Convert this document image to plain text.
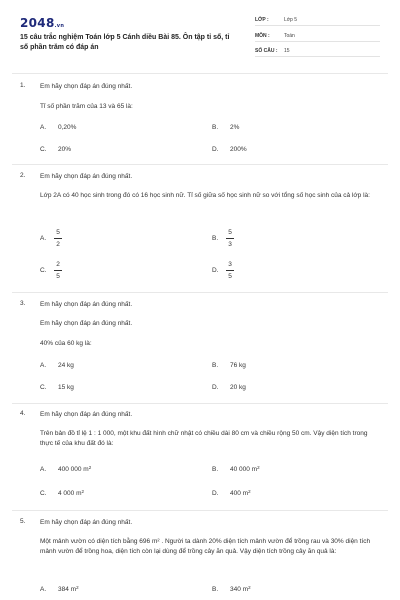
2048.vn
15 câu trắc nghiệm Toán lớp 5 Cánh diều Bài 85. Ôn tập tỉ số, tỉ số phần trăm có đáp án
LỚP :	Lớp 5
MÔN :	Toán
SỐ CÂU : 15
1. Em hãy chọn đáp án đúng nhất.
Tỉ số phần trăm của 13 và 65 là:
A. 0,20%	B. 2%
C. 20%	D. 200%
2. Em hãy chọn đáp án đúng nhất.
Lớp 2A có 40 học sinh trong đó có 16 học sinh nữ. Tỉ số giữa số học sinh nữ so với tổng số học sinh của cả lớp là:
A.
5
2
B.
5
3
C.
2
5
D.
3
5
3. Em hãy chọn đáp án đúng nhất.
Em hãy chọn đáp án đúng nhất.
40% của 60 kg là:
A. 24 kg	B. 76 kg
C. 15 kg	D. 20 kg
4. Em hãy chọn đáp án đúng nhất.
Trên bản đồ tỉ lệ 1 : 1 000, một khu đất hình chữ nhật có chiều dài 80 cm và chiều rộng 50 cm. Vậy diện tích trong thực tế của khu đất đó là:
A. 400 000 $m^2$	B. 40 000 $m^2$
C. 4 000 $m^2$	D. 400 $m^2$
5. Em hãy chọn đáp án đúng nhất.
Một mảnh vườn có diện tích bằng 696 m² . Người ta dành 20% diện tích mảnh vườn để trồng rau và 30% diện tích mảnh vườn để trồng hoa, diện tích còn lại dùng để trồng cây ăn quả. Vậy diện tích trồng cây ăn quả là:
A. 384 $m^2$	B. 340 $m^2$
